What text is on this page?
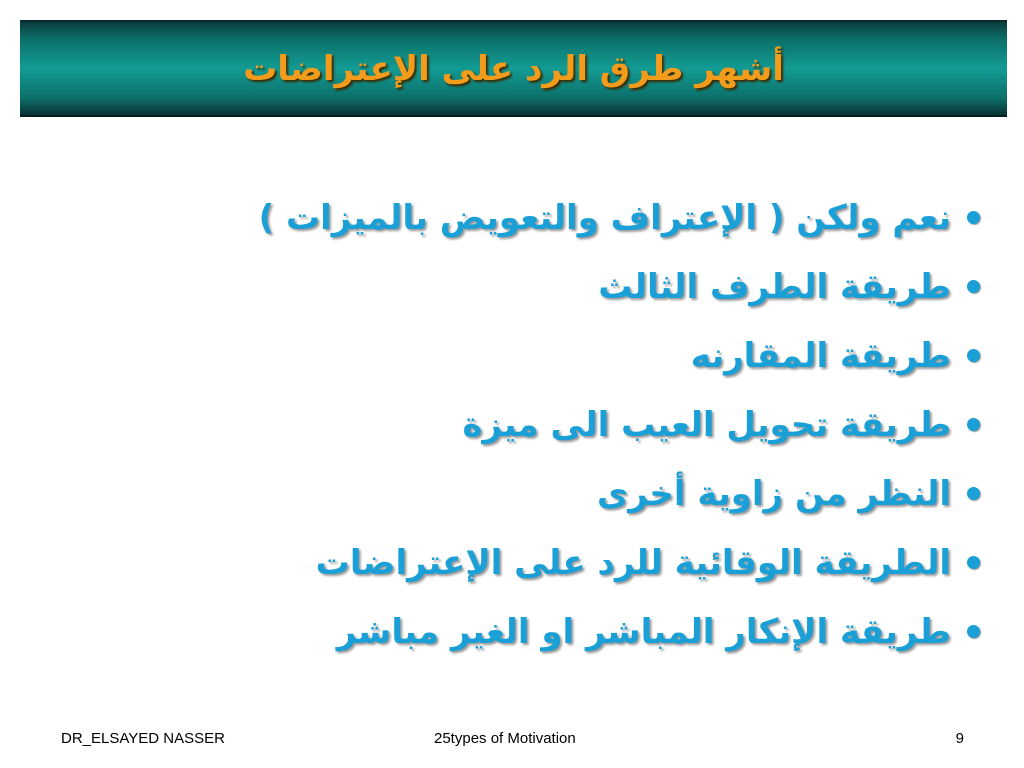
أشهر طرق الرد على الإعتراضات
نعم ولكن ( الإعتراف والتعويض بالميزات )
طريقة الطرف الثالث
طريقة المقارنه
طريقة تحويل العيب الى ميزة
النظر من زاوية أخرى
الطريقة الوقائية للرد على الإعتراضات
طريقة الإنكار المباشر او الغير مباشر
DR_ELSAYED NASSER	25types of Motivation	9
